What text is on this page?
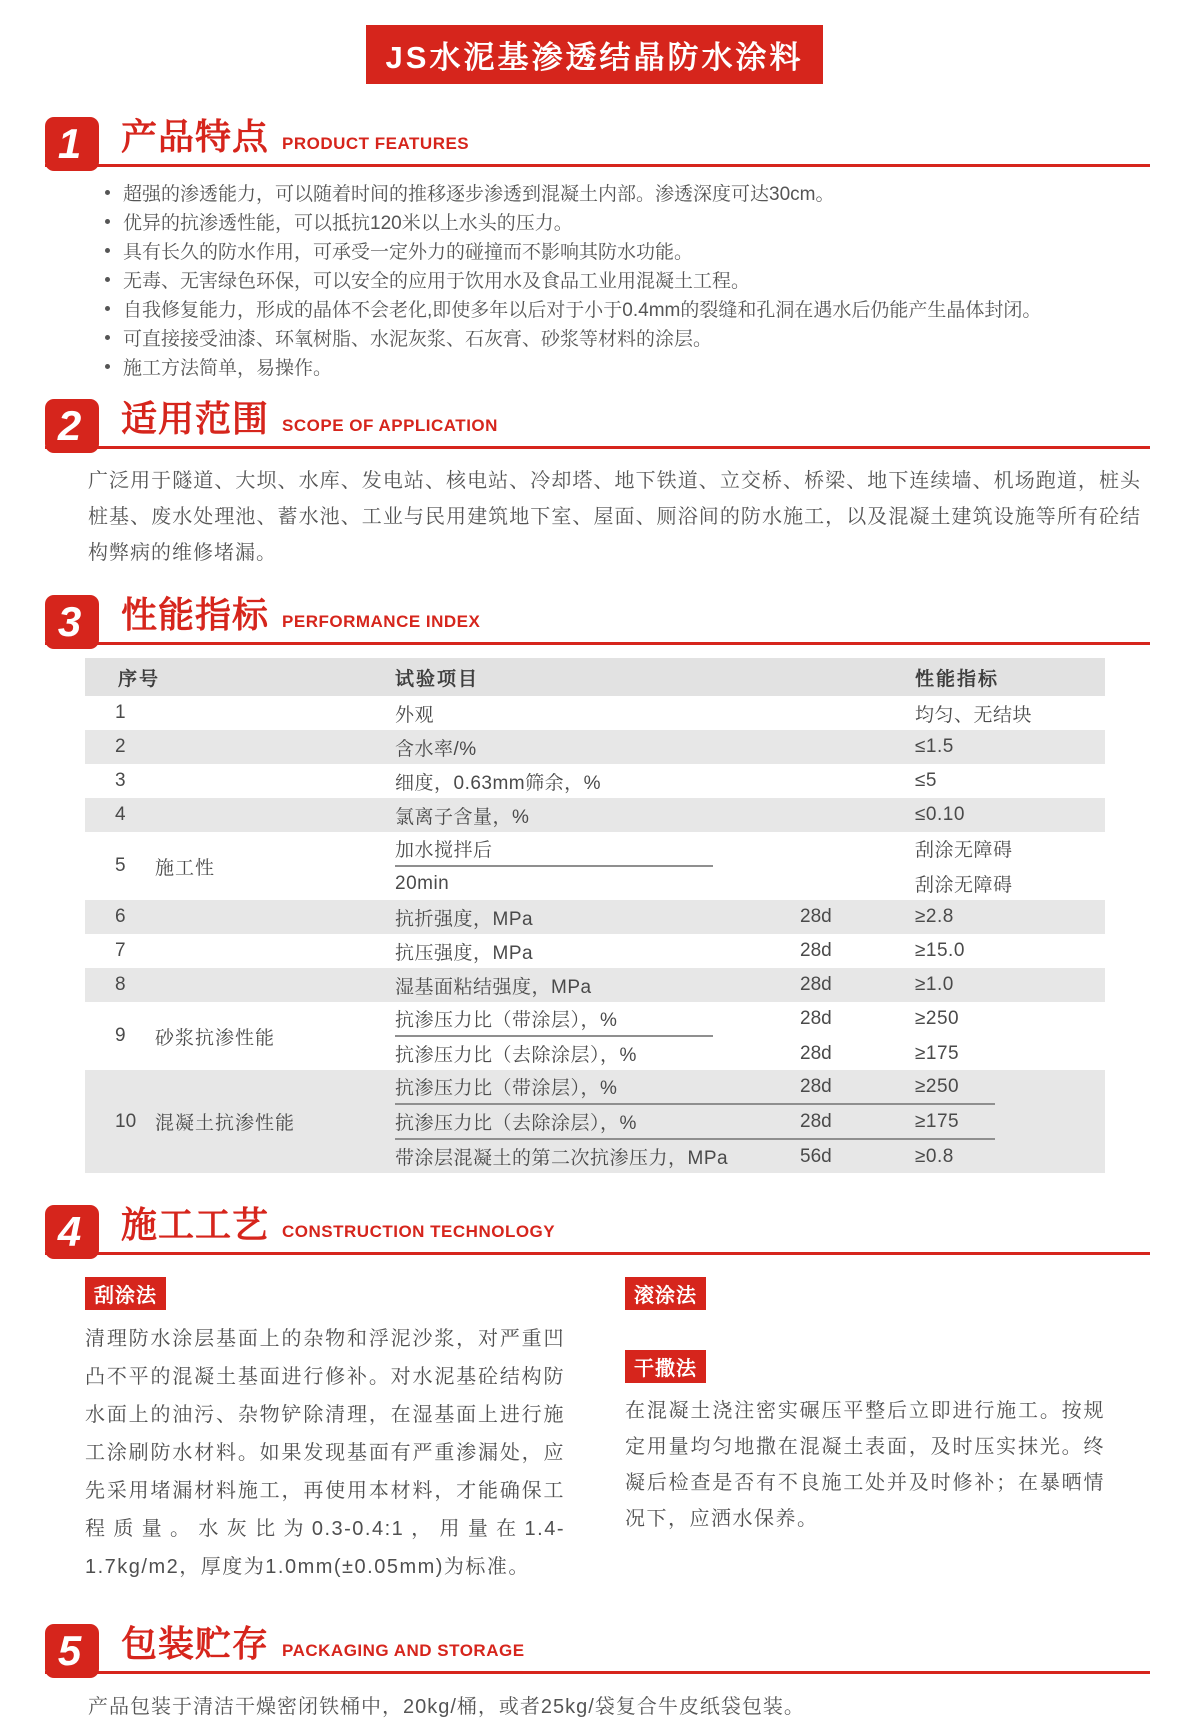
JS水泥基渗透结晶防水涂料
1	产品特点 PRODUCT FEATURES
超强的渗透能力，可以随着时间的推移逐步渗透到混凝土内部。渗透深度可达30cm。
优异的抗渗透性能，可以抵抗120米以上水头的压力。
具有长久的防水作用，可承受一定外力的碰撞而不影响其防水功能。
无毒、无害绿色环保，可以安全的应用于饮用水及食品工业用混凝土工程。
自我修复能力，形成的晶体不会老化,即使多年以后对于小于0.4mm的裂缝和孔洞在遇水后仍能产生晶体封闭。
可直接接受油漆、环氧树脂、水泥灰浆、石灰膏、砂浆等材料的涂层。
施工方法简单，易操作。
2	适用范围 SCOPE OF APPLICATION
广泛用于隧道、大坝、水库、发电站、核电站、冷却塔、地下铁道、立交桥、桥梁、地下连续墙、机场跑道，桩头桩基、废水处理池、蓄水池、工业与民用建筑地下室、屋面、厕浴间的防水施工，以及混凝土建筑设施等所有砼结构弊病的维修堵漏。
3	性能指标 PERFORMANCE INDEX
序号	试验项目	性能指标
1	外观	均匀、无结块
2	含水率/%	≤1.5
3	细度，0.63mm筛余，%	≤5
4	氯离子含量，%	≤0.10
5	施工性
加水搅拌后	刮涂无障碍
20min	刮涂无障碍
6	抗折强度，MPa	28d	≥2.8
7	抗压强度，MPa	28d	≥15.0
8	湿基面粘结强度，MPa	28d	≥1.0
9	砂浆抗渗性能
抗渗压力比（带涂层），%	28d	≥250
抗渗压力比（去除涂层），%	28d	≥175
10 混凝土抗渗性能
抗渗压力比（带涂层），%	28d	≥250
抗渗压力比（去除涂层），%	28d	≥175
带涂层混凝土的第二次抗渗压力，MPa	56d	≥0.8
4	施工工艺 CONSTRUCTION TECHNOLOGY
刮涂法
清理防水涂层基面上的杂物和浮泥沙浆，对严重凹凸不平的混凝土基面进行修补。对水泥基砼结构防水面上的油污、杂物铲除清理，在湿基面上进行施工涂刷防水材料。如果发现基面有严重渗漏处，应先采用堵漏材料施工，再使用本材料，才能确保工程质量。水灰比为0.3-0.4:1，用量在1.4-1.7kg/m2，厚度为1.0mm(±0.05mm)为标准。
滚涂法
干撒法
在混凝土浇注密实碾压平整后立即进行施工。按规定用量均匀地撒在混凝土表面，及时压实抹光。终凝后检查是否有不良施工处并及时修补；在暴晒情况下，应洒水保养。
5	包装贮存 PACKAGING AND STORAGE
产品包装于清洁干燥密闭铁桶中，20kg/桶，或者25kg/袋复合牛皮纸袋包装。
